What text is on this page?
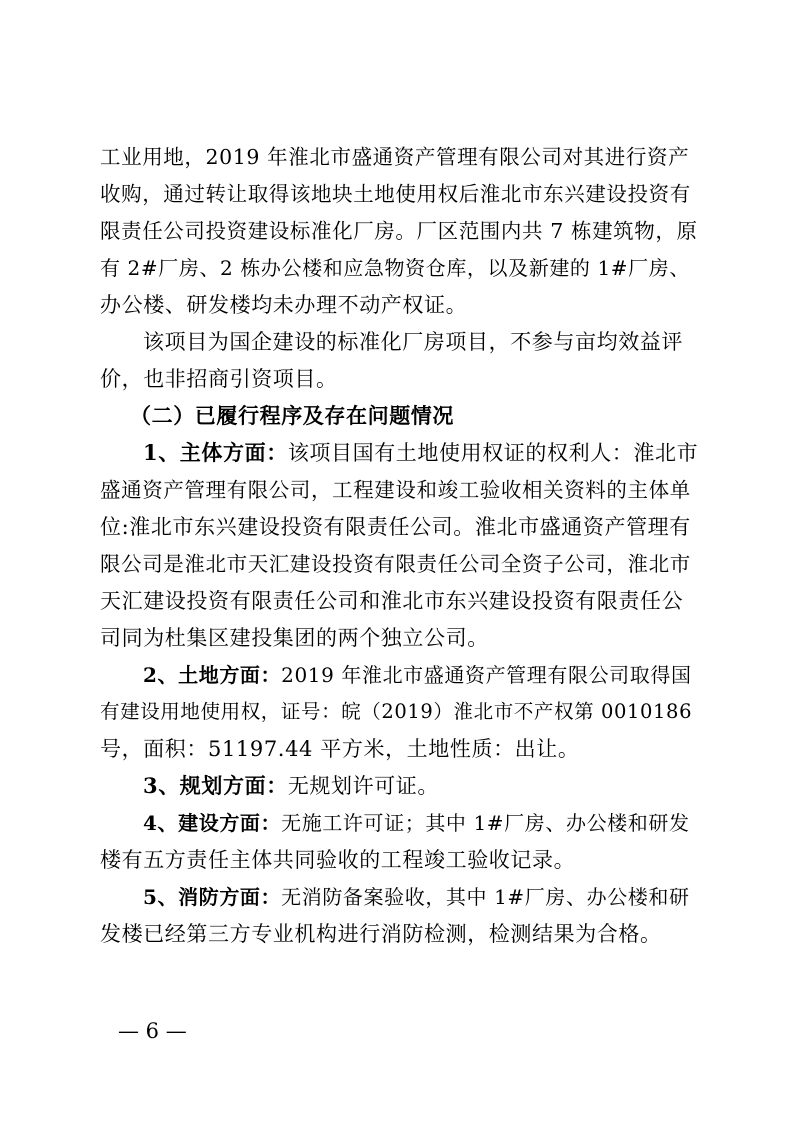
工业用地，2019 年淮北市盛通资产管理有限公司对其进行资产
收购，通过转让取得该地块土地使用权后淮北市东兴建设投资有
限责任公司投资建设标准化厂房。厂区范围内共 7 栋建筑物，原
有 2#厂房、2 栋办公楼和应急物资仓库，以及新建的 1#厂房、
办公楼、研发楼均未办理不动产权证。
该项目为国企建设的标准化厂房项目，不参与亩均效益评
价，也非招商引资项目。
（二）已履行程序及存在问题情况
1、主体方面：该项目国有土地使用权证的权利人：淮北市
盛通资产管理有限公司，工程建设和竣工验收相关资料的主体单
位:淮北市东兴建设投资有限责任公司。淮北市盛通资产管理有
限公司是淮北市天汇建设投资有限责任公司全资子公司，淮北市
天汇建设投资有限责任公司和淮北市东兴建设投资有限责任公
司同为杜集区建投集团的两个独立公司。
2、土地方面：2019 年淮北市盛通资产管理有限公司取得国
有建设用地使用权，证号：皖（2019）淮北市不产权第 0010186
号，面积：51197.44 平方米，土地性质：出让。
3、规划方面：无规划许可证。
4、建设方面：无施工许可证；其中 1#厂房、办公楼和研发
楼有五方责任主体共同验收的工程竣工验收记录。
5、消防方面：无消防备案验收，其中 1#厂房、办公楼和研
发楼已经第三方专业机构进行消防检测，检测结果为合格。
— 6 —
